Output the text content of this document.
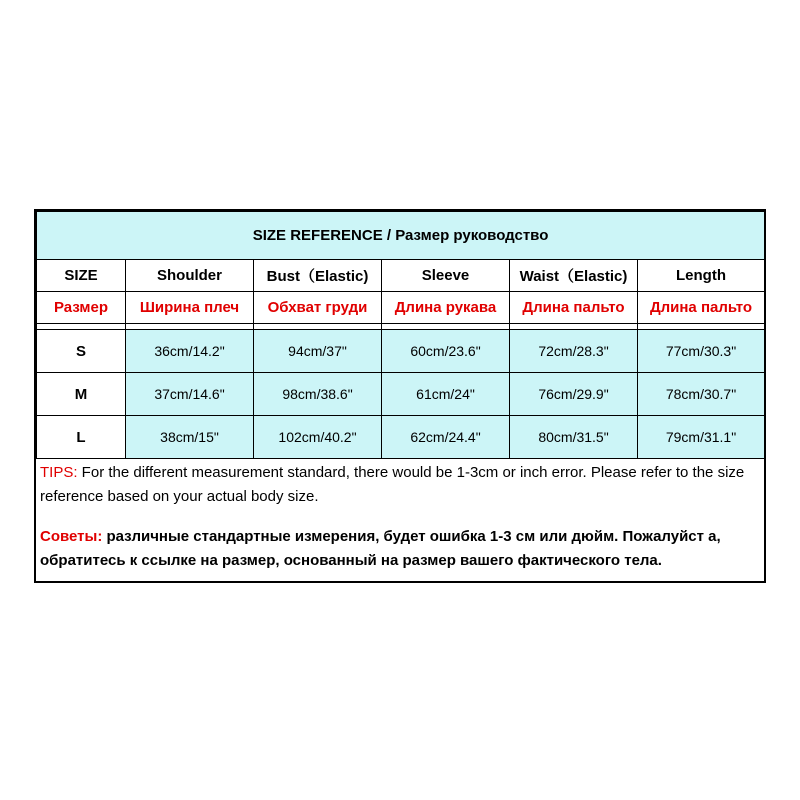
SIZE REFERENCE / Размер руководство					
SIZE	Shoulder	Bust（Elastic)	Sleeve	Waist（Elastic)	Length
Размер	Ширина плеч	Обхват груди	Длина рукава	Длина пальто	Длина пальто

S	36cm/14.2"	94cm/37"	60cm/23.6"	72cm/28.3"	77cm/30.3"
M	37cm/14.6"	98cm/38.6"	61cm/24"	76cm/29.9"	78cm/30.7"
L	38cm/15"	102cm/40.2"	62cm/24.4"	80cm/31.5"	79cm/31.1"
TIPS: For the different measurement standard, there would be 1-3cm or inch error. Please refer to the size reference based on your actual body size.
Советы: различные стандартные измерения, будет ошибка 1-3 см или дюйм. Пожалуйст а, обратитесь к ссылке на размер, основанный на размер вашего фактического тела.
